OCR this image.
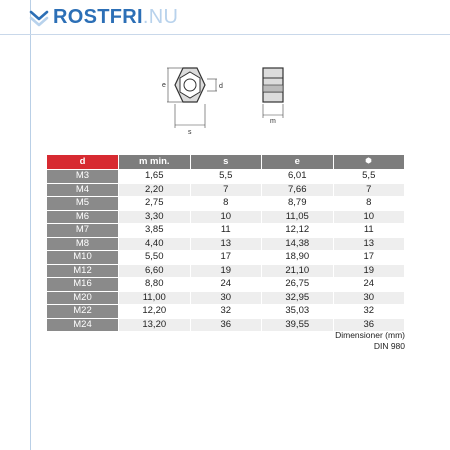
ROSTFRI.NU
e	d
s
m
d	m min.	s	e	
M3	1,65	5,5	6,01	5,5
M4	2,20	7	7,66	7
M5	2,75	8	8,79	8
M6	3,30	10	11,05	10
M7	3,85	11	12,12	11
M8	4,40	13	14,38	13
M10	5,50	17	18,90	17
M12	6,60	19	21,10	19
M16	8,80	24	26,75	24
M20	11,00	30	32,95	30
M22	12,20	32	35,03	32
M24	13,20	36	39,55	36
Dimensioner (mm)
DIN 980
